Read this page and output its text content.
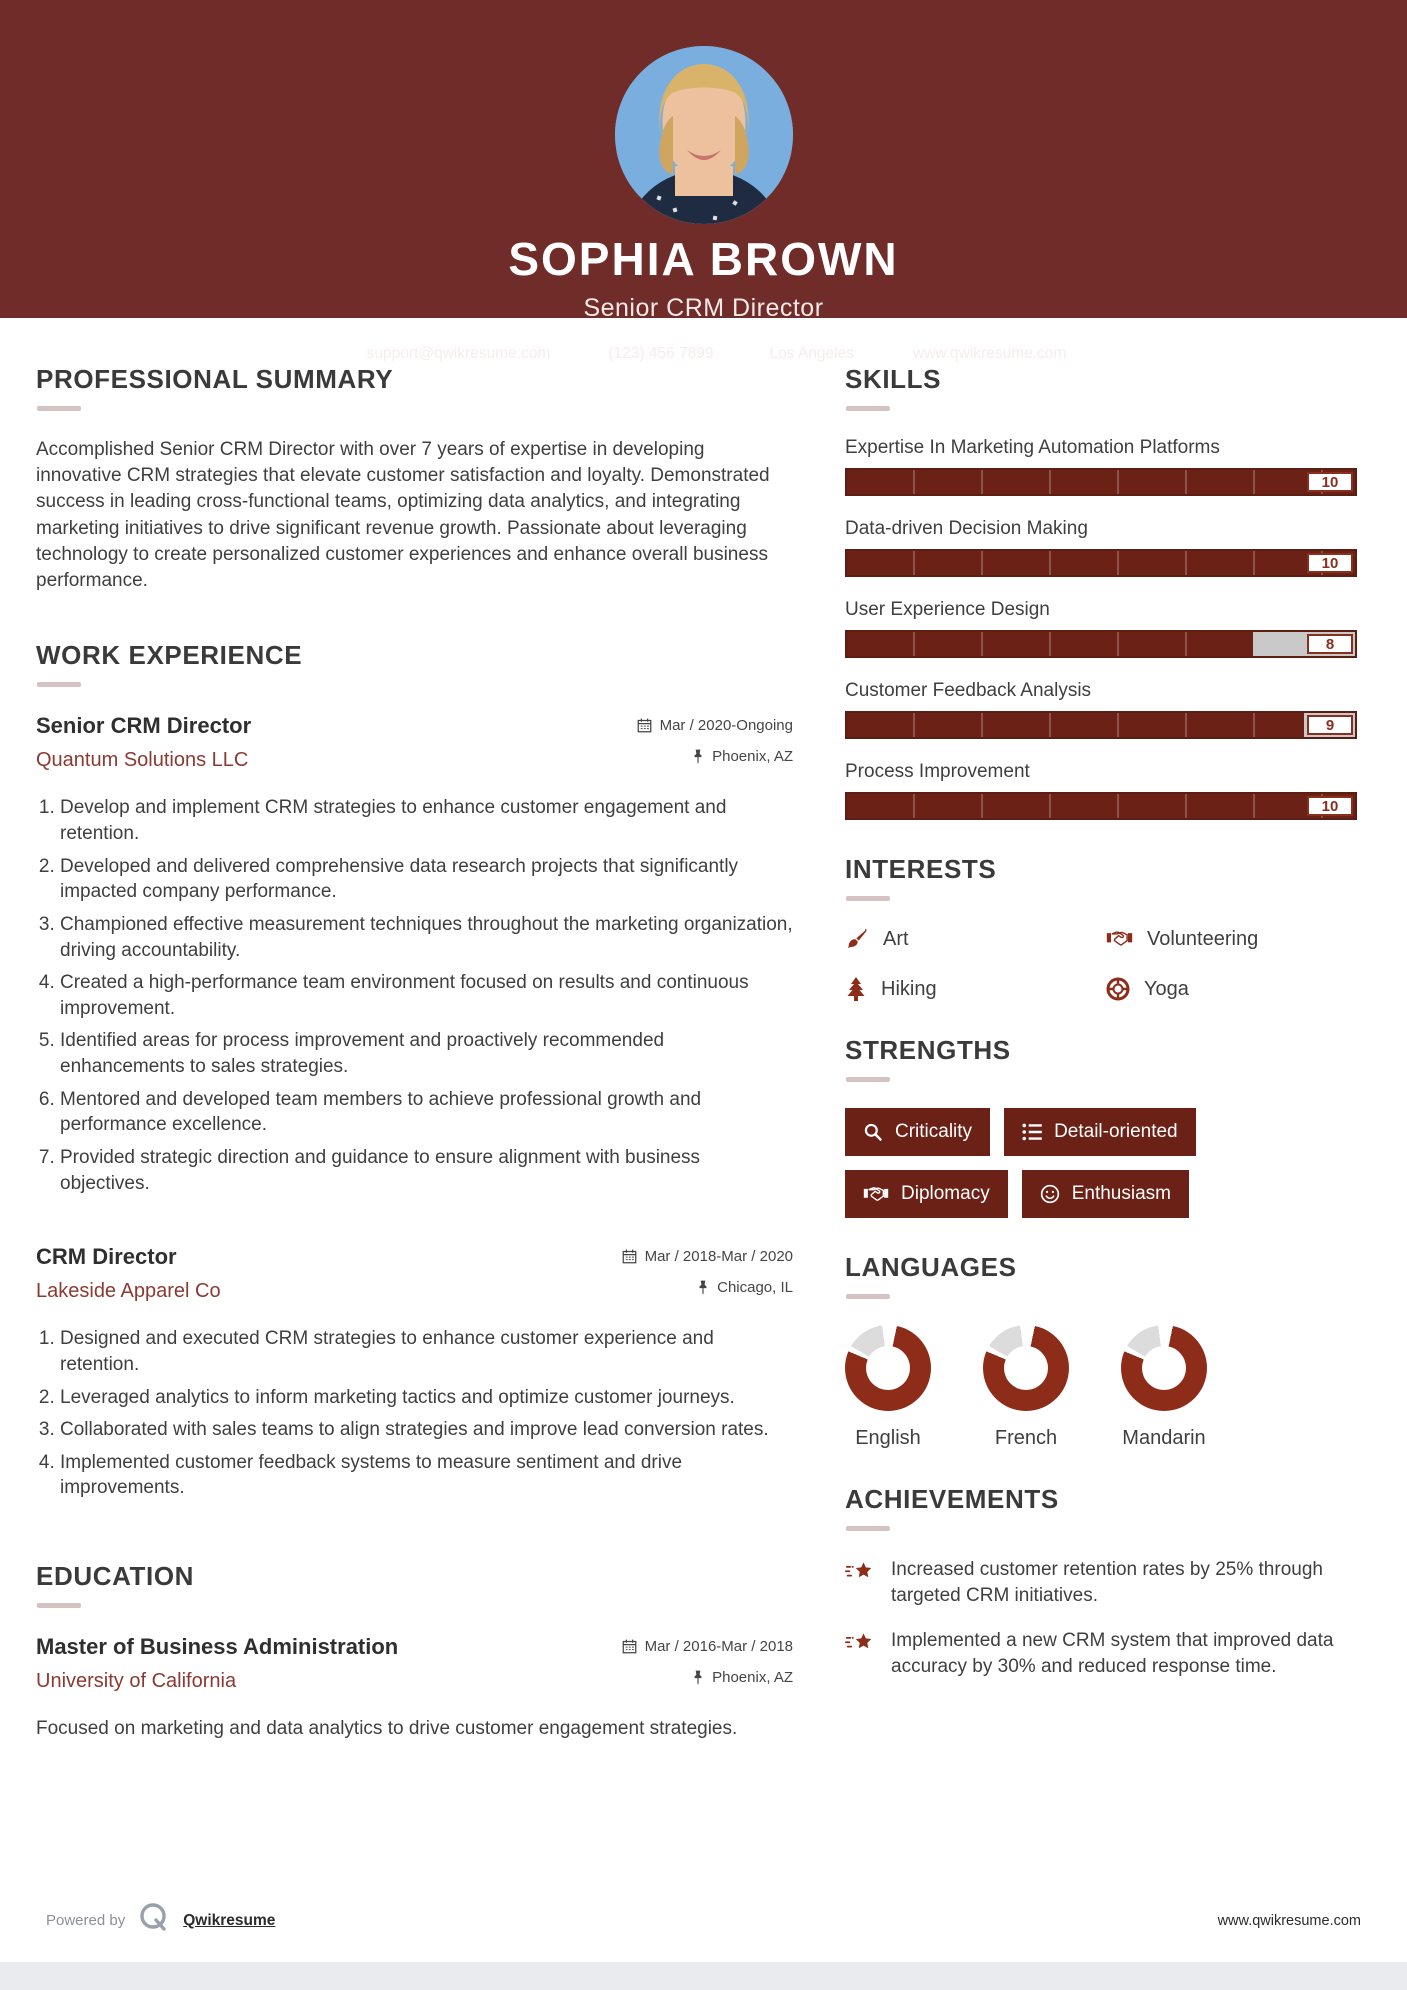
SOPHIA BROWN
Senior CRM Director
support@qwikresume.com	(123) 456 7899	Los Angeles	www.qwikresume.com
PROFESSIONAL SUMMARY

Accomplished Senior CRM Director with over 7 years of expertise in developing innovative CRM strategies that elevate customer satisfaction and loyalty. Demonstrated success in leading cross-functional teams, optimizing data analytics, and integrating marketing initiatives to drive significant revenue growth. Passionate about leveraging technology to create personalized customer experiences and enhance overall business performance.

WORK EXPERIENCE
Senior CRM Director
Quantum Solutions LLC
Mar / 2020-Ongoing
Phoenix, AZ
1. Develop and implement CRM strategies to enhance customer engagement and retention.
2. Developed and delivered comprehensive data research projects that significantly impacted company performance.
3. Championed effective measurement techniques throughout the marketing organization, driving accountability.
4. Created a high-performance team environment focused on results and continuous improvement.
5. Identified areas for process improvement and proactively recommended enhancements to sales strategies.
6. Mentored and developed team members to achieve professional growth and performance excellence.
7. Provided strategic direction and guidance to ensure alignment with business objectives.
CRM Director
Lakeside Apparel Co
Mar / 2018-Mar / 2020
Chicago, IL
1. Designed and executed CRM strategies to enhance customer experience and retention.
2. Leveraged analytics to inform marketing tactics and optimize customer journeys.
3. Collaborated with sales teams to align strategies and improve lead conversion rates.
4. Implemented customer feedback systems to measure sentiment and drive improvements.
EDUCATION
Master of Business Administration
University of California
Mar / 2016-Mar / 2018
Phoenix, AZ

Focused on marketing and data analytics to drive customer engagement strategies.

SKILLS
Expertise In Marketing Automation Platforms
10
Data-driven Decision Making
10
User Experience Design
8
Customer Feedback Analysis
9
Process Improvement
10
INTERESTS
Art	Volunteering
Hiking	Yoga
STRENGTHS
Criticality	Detail-oriented
Diplomacy	Enthusiasm
LANGUAGES
English	French	Mandarin
ACHIEVEMENTS
Increased customer retention rates by 25% through targeted CRM initiatives.
Implemented a new CRM system that improved data accuracy by 30% and reduced response time.
Powered by	Qwikresume	www.qwikresume.com
